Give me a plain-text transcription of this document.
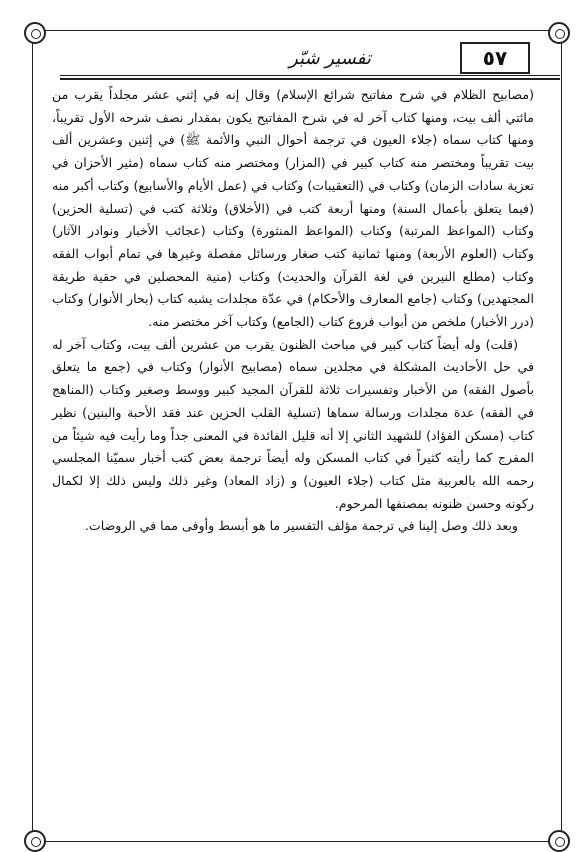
تفسير شبّر	٥٧

(مصابيح الظلام في شرح مفاتيح شرائع الإسلام) وقال إنه في إثني عشر مجلداً يقرب من مائتي ألف بيت، ومنها كتاب آخر له في شرح المفاتيح يكون بمقدار نصف شرحه الأول تقريباً، ومنها كتاب سماه (جلاء العيون في ترجمة أحوال النبي والأئمة ﷺ) في إثنين وعشرين ألف بيت تقريباً ومختصر منه كتاب كبير في (المزار) ومختصر منه كتاب سماه (مثير الأحزان في تعزية سادات الزمان) وكتاب في (التعقيبات) وكتاب في (عمل الأيام والأسابيع) وكتاب أكبر منه (فيما يتعلق بأعمال السنة) ومنها أربعة كتب في (الأخلاق) وثلاثة كتب في (تسلية الحزين) وكتاب (المواعظ المرتبة) وكتاب (المواعظ المنثورة) وكتاب (عجائب الأخبار ونوادر الآثار) وكتاب (العلوم الأربعة) ومنها ثمانية كتب صغار ورسائل مفصلة وغيرها في تمام أبواب الفقه وكتاب (مطلع النيرين في لغة القرآن والحديث) وكتاب (منية المحصلين في حقية طريقة المجتهدين) وكتاب (جامع المعارف والأحكام) في عدّة مجلدات يشبه كتاب (بحار الأنوار) وكتاب (درر الأخبار) ملخص من أبواب فروع كتاب (الجامع) وكتاب آخر مختصر منه.

(قلت) وله أيضاً كتاب كبير في مباحث الظنون يقرب من عشرين ألف بيت، وكتاب آخر له في حل الأحاديث المشكلة في مجلدين سماه (مصابيح الأنوار) وكتاب في (جمع ما يتعلق بأصول الفقه) من الأخبار وتفسيرات ثلاثة للقرآن المجيد كبير ووسط وصغير وكتاب (المناهج في الفقه) عدة مجلدات ورسالة سماها (تسلية القلب الحزين عند فقد الأحبة والبنين) نظير كتاب (مسكن الفؤاد) للشهيد الثاني إلا أنه قليل الفائدة في المعنى جداً وما رأيت فيه شيئاً من المفرج كما رأيته كثيراً في كتاب المسكن وله أيضاً ترجمة بعض كتب أخبار سميّنا المجلسي رحمه الله بالعربية مثل كتاب (جلاء العيون) و (زاد المعاد) وغير ذلك وليس ذلك إلا لكمال ركونه وحسن ظنونه بمصنفها المرحوم.

وبعد ذلك وصل إلينا في ترجمة مؤلف التفسير ما هو أبسط وأوفى مما في الروضات.
